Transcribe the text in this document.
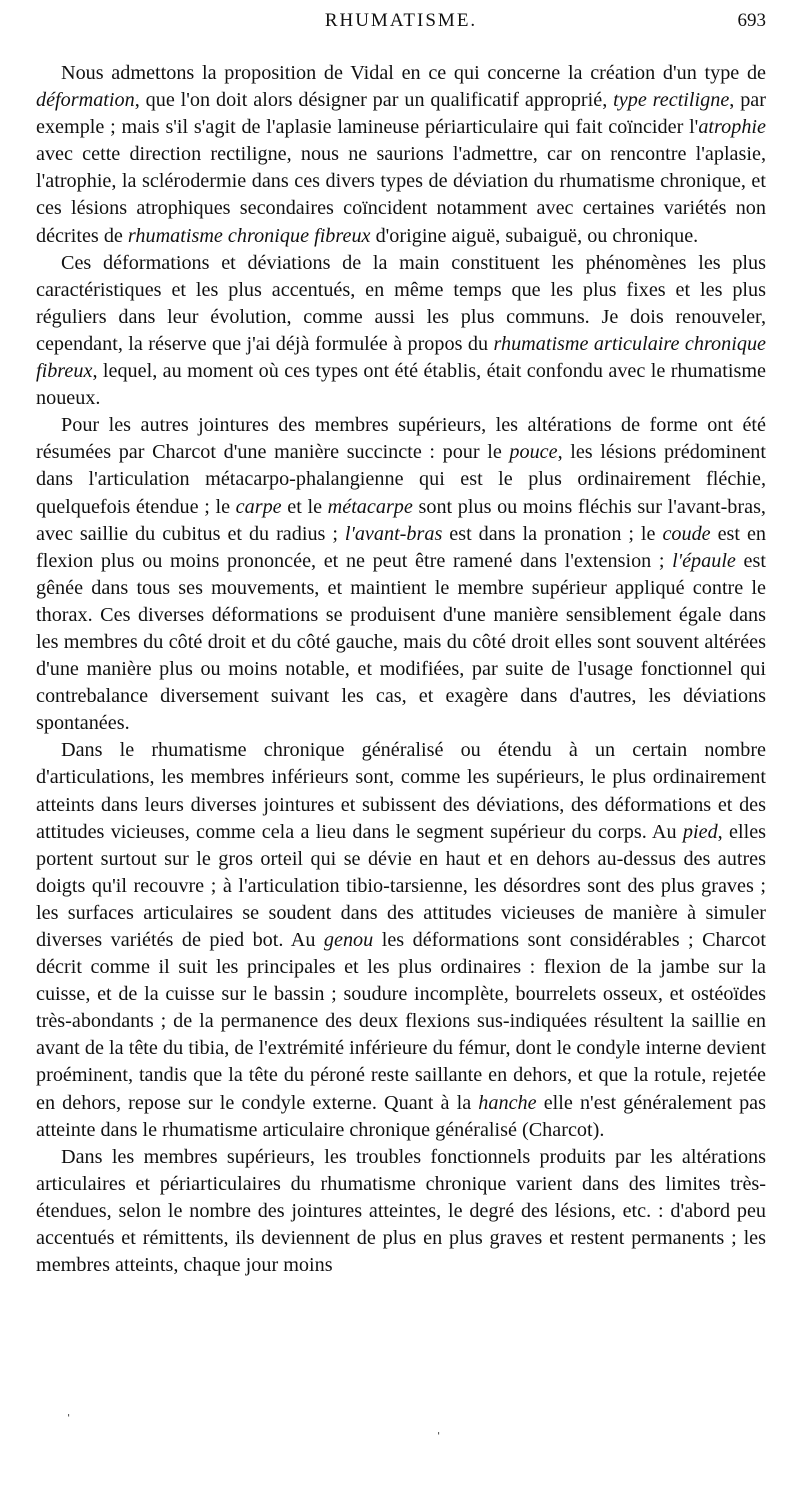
RHUMATISME.	693

Nous admettons la proposition de Vidal en ce qui concerne la création d'un type de déformation, que l'on doit alors désigner par un qualificatif approprié, type rectiligne, par exemple ; mais s'il s'agit de l'aplasie lamineuse périarticulaire qui fait coïncider l'atrophie avec cette direction rectiligne, nous ne saurions l'admettre, car on rencontre l'aplasie, l'atrophie, la sclérodermie dans ces divers types de déviation du rhumatisme chronique, et ces lésions atrophiques secondaires coïncident notamment avec certaines variétés non décrites de rhumatisme chronique fibreux d'origine aiguë, subaiguë, ou chronique.

Ces déformations et déviations de la main constituent les phénomènes les plus caractéristiques et les plus accentués, en même temps que les plus fixes et les plus réguliers dans leur évolution, comme aussi les plus communs. Je dois renouveler, cependant, la réserve que j'ai déjà formulée à propos du rhumatisme articulaire chronique fibreux, lequel, au moment où ces types ont été établis, était confondu avec le rhumatisme noueux.

Pour les autres jointures des membres supérieurs, les altérations de forme ont été résumées par Charcot d'une manière succincte : pour le pouce, les lésions prédominent dans l'articulation métacarpo-phalangienne qui est le plus ordinairement fléchie, quelquefois étendue ; le carpe et le métacarpe sont plus ou moins fléchis sur l'avant-bras, avec saillie du cubitus et du radius ; l'avant-bras est dans la pronation ; le coude est en flexion plus ou moins prononcée, et ne peut être ramené dans l'extension ; l'épaule est gênée dans tous ses mouvements, et maintient le membre supérieur appliqué contre le thorax. Ces diverses déformations se produisent d'une manière sensiblement égale dans les membres du côté droit et du côté gauche, mais du côté droit elles sont souvent altérées d'une manière plus ou moins notable, et modifiées, par suite de l'usage fonctionnel qui contrebalance diversement suivant les cas, et exagère dans d'autres, les déviations spontanées.

Dans le rhumatisme chronique généralisé ou étendu à un certain nombre d'articulations, les membres inférieurs sont, comme les supérieurs, le plus ordinairement atteints dans leurs diverses jointures et subissent des déviations, des déformations et des attitudes vicieuses, comme cela a lieu dans le segment supérieur du corps. Au pied, elles portent surtout sur le gros orteil qui se dévie en haut et en dehors au-dessus des autres doigts qu'il recouvre ; à l'articulation tibio-tarsienne, les désordres sont des plus graves ; les surfaces articulaires se soudent dans des attitudes vicieuses de manière à simuler diverses variétés de pied bot. Au genou les déformations sont considérables ; Charcot décrit comme il suit les principales et les plus ordinaires : flexion de la jambe sur la cuisse, et de la cuisse sur le bassin ; soudure incomplète, bourrelets osseux, et ostéoïdes très-abondants ; de la permanence des deux flexions sus-indiquées résultent la saillie en avant de la tête du tibia, de l'extrémité inférieure du fémur, dont le condyle interne devient proéminent, tandis que la tête du péroné reste saillante en dehors, et que la rotule, rejetée en dehors, repose sur le condyle externe. Quant à la hanche elle n'est généralement pas atteinte dans le rhumatisme articulaire chronique généralisé (Charcot).

Dans les membres supérieurs, les troubles fonctionnels produits par les altérations articulaires et périarticulaires du rhumatisme chronique varient dans des limites très-étendues, selon le nombre des jointures atteintes, le degré des lésions, etc. : d'abord peu accentués et rémittents, ils deviennent de plus en plus graves et restent permanents ; les membres atteints, chaque jour moins

ˈ	ˌ
